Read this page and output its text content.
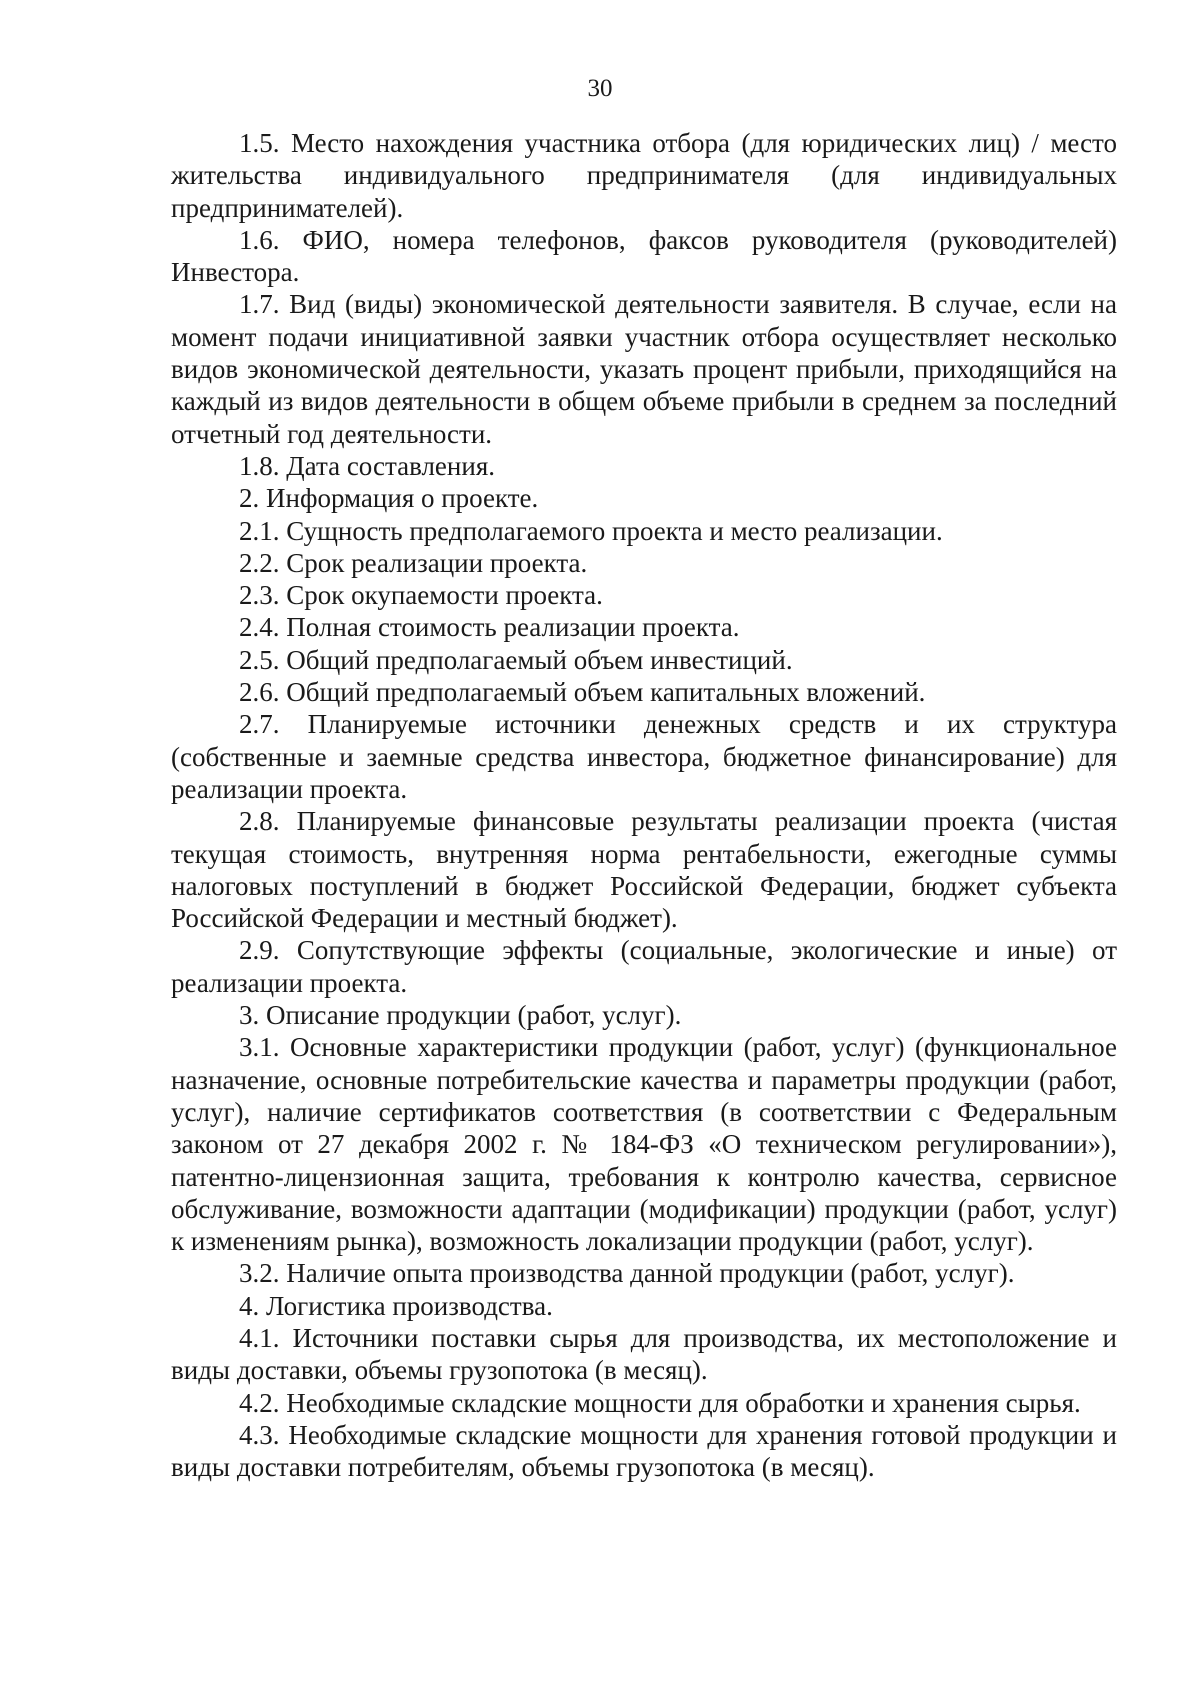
30

1.5. Место нахождения участника отбора (для юридических лиц) / место жительства индивидуального предпринимателя (для индивидуальных предпринимателей).

1.6. ФИО, номера телефонов, факсов руководителя (руководителей) Инвестора.

1.7. Вид (виды) экономической деятельности заявителя. В случае, если на момент подачи инициативной заявки участник отбора осуществляет несколько видов экономической деятельности, указать процент прибыли, приходящийся на каждый из видов деятельности в общем объеме прибыли в среднем за последний отчетный год деятельности.

1.8. Дата составления.

2. Информация о проекте.

2.1. Сущность предполагаемого проекта и место реализации.

2.2. Срок реализации проекта.

2.3. Срок окупаемости проекта.

2.4. Полная стоимость реализации проекта.

2.5. Общий предполагаемый объем инвестиций.

2.6. Общий предполагаемый объем капитальных вложений.

2.7. Планируемые источники денежных средств и их структура (собственные и заемные средства инвестора, бюджетное финансирование) для реализации проекта.

2.8. Планируемые финансовые результаты реализации проекта (чистая текущая стоимость, внутренняя норма рентабельности, ежегодные суммы налоговых поступлений в бюджет Российской Федерации, бюджет субъекта Российской Федерации и местный бюджет).

2.9. Сопутствующие эффекты (социальные, экологические и иные) от реализации проекта.

3. Описание продукции (работ, услуг).

3.1. Основные характеристики продукции (работ, услуг) (функциональное назначение, основные потребительские качества и параметры продукции (работ, услуг), наличие сертификатов соответствия (в соответствии с Федеральным законом от 27 декабря 2002 г. № 184-ФЗ «О техническом регулировании»), патентно-лицензионная защита, требования к контролю качества, сервисное обслуживание, возможности адаптации (модификации) продукции (работ, услуг) к изменениям рынка), возможность локализации продукции (работ, услуг).

3.2. Наличие опыта производства данной продукции (работ, услуг).

4. Логистика производства.

4.1. Источники поставки сырья для производства, их местоположение и виды доставки, объемы грузопотока (в месяц).

4.2. Необходимые складские мощности для обработки и хранения сырья.

4.3. Необходимые складские мощности для хранения готовой продукции и виды доставки потребителям, объемы грузопотока (в месяц).
